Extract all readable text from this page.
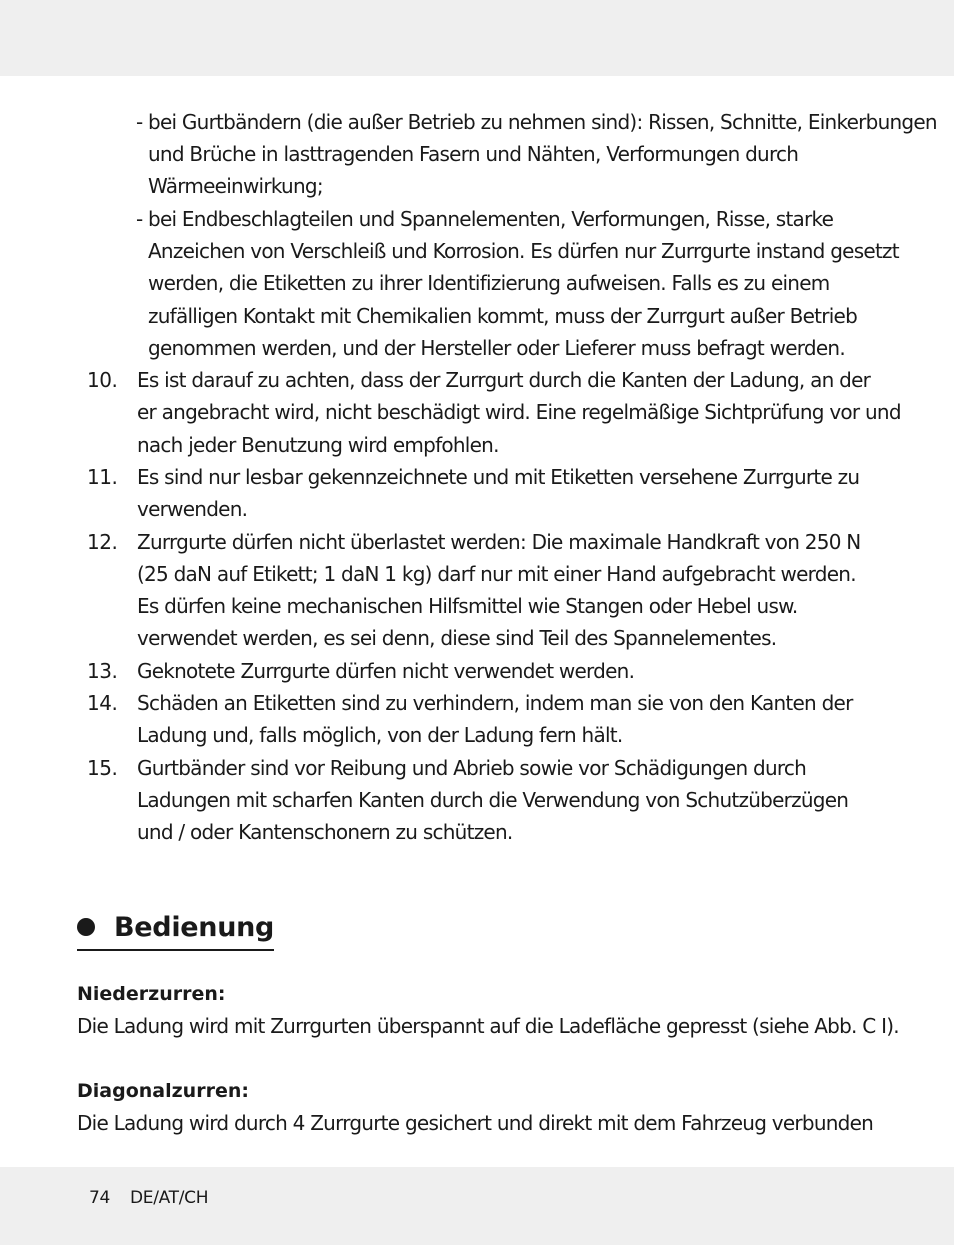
- bei Gurtbändern (die außer Betrieb zu nehmen sind): Rissen, Schnitte, Einkerbungen
und Brüche in lasttragenden Fasern und Nähten, Verformungen durch
Wärmeeinwirkung;
- bei Endbeschlagteilen und Spannelementen, Verformungen, Risse, starke
Anzeichen von Verschleiß und Korrosion. Es dürfen nur Zurrgurte instand gesetzt
werden, die Etiketten zu ihrer Identifizierung aufweisen. Falls es zu einem
zufälligen Kontakt mit Chemikalien kommt, muss der Zurrgurt außer Betrieb
genommen werden, und der Hersteller oder Lieferer muss befragt werden.
10. Es ist darauf zu achten, dass der Zurrgurt durch die Kanten der Ladung, an der
er angebracht wird, nicht beschädigt wird. Eine regelmäßige Sichtprüfung vor und
nach jeder Benutzung wird empfohlen.
11. Es sind nur lesbar gekennzeichnete und mit Etiketten versehene Zurrgurte zu
verwenden.
12. Zurrgurte dürfen nicht überlastet werden: Die maximale Handkraft von 250 N
(25 daN auf Etikett; 1 daN 1 kg) darf nur mit einer Hand aufgebracht werden.
Es dürfen keine mechanischen Hilfsmittel wie Stangen oder Hebel usw.
verwendet werden, es sei denn, diese sind Teil des Spannelementes.
13. Geknotete Zurrgurte dürfen nicht verwendet werden.
14. Schäden an Etiketten sind zu verhindern, indem man sie von den Kanten der
Ladung und, falls möglich, von der Ladung fern hält.
15. Gurtbänder sind vor Reibung und Abrieb sowie vor Schädigungen durch
Ladungen mit scharfen Kanten durch die Verwendung von Schutzüberzügen
und / oder Kantenschonern zu schützen.
Bedienung
Niederzurren:
Die Ladung wird mit Zurrgurten überspannt auf die Ladefläche gepresst (siehe Abb. C I).
Diagonalzurren:
Die Ladung wird durch 4 Zurrgurte gesichert und direkt mit dem Fahrzeug verbunden
74 DE/AT/CH
